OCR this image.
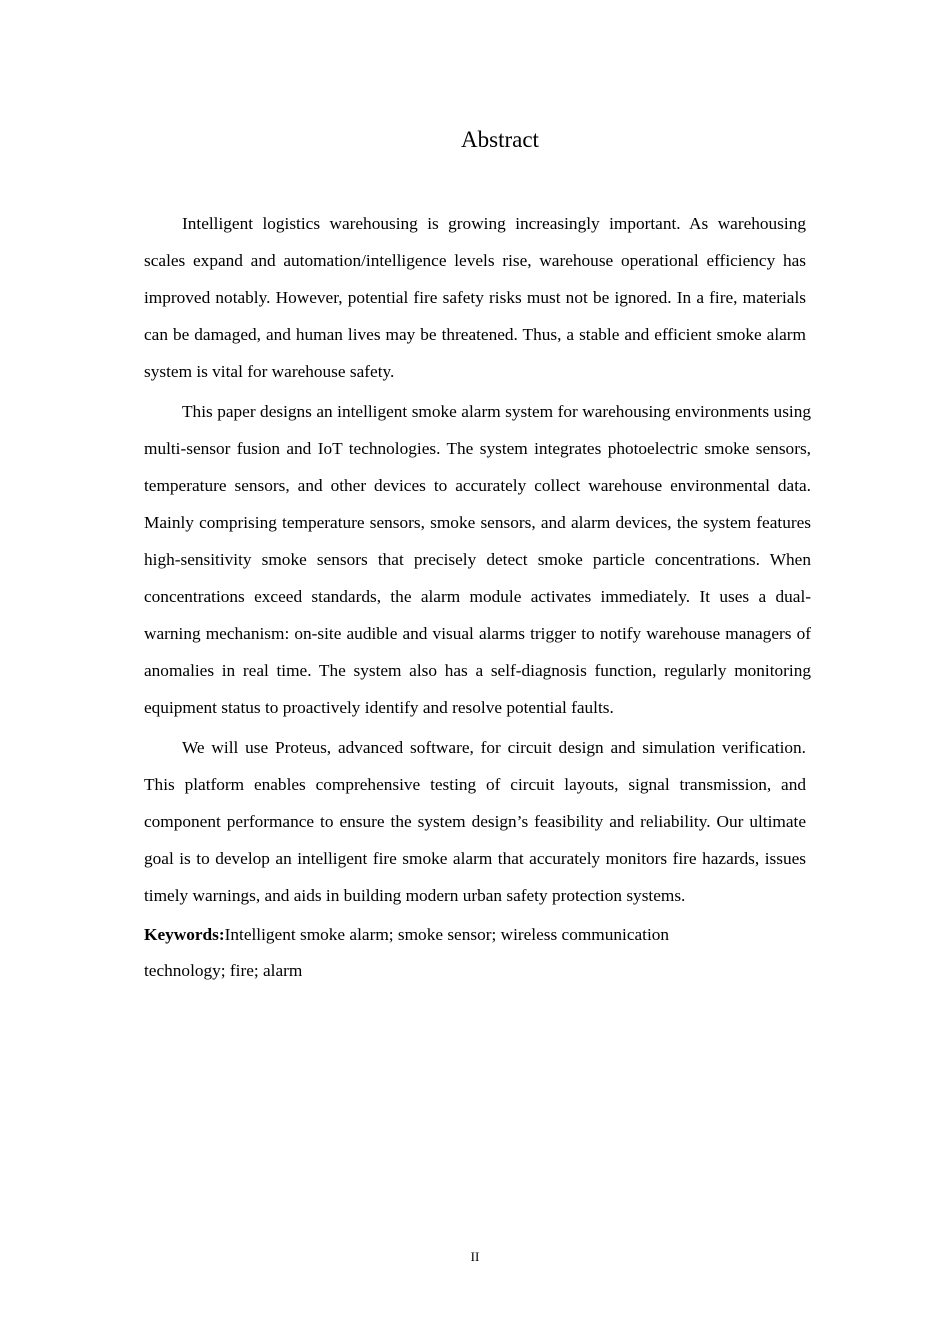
Abstract

Intelligent logistics warehousing is growing increasingly important. As warehousing scales expand and automation/intelligence levels rise, warehouse operational efficiency has improved notably. However, potential fire safety risks must not be ignored. In a fire, materials can be damaged, and human lives may be threatened. Thus, a stable and efficient smoke alarm system is vital for warehouse safety.

This paper designs an intelligent smoke alarm system for warehousing environments using multi-sensor fusion and IoT technologies. The system integrates photoelectric smoke sensors, temperature sensors, and other devices to accurately collect warehouse environmental data. Mainly comprising temperature sensors, smoke sensors, and alarm devices, the system features high-sensitivity smoke sensors that precisely detect smoke particle concentrations. When concentrations exceed standards, the alarm module activates immediately. It uses a dual-warning mechanism: on-site audible and visual alarms trigger to notify warehouse managers of anomalies in real time. The system also has a self-diagnosis function, regularly monitoring equipment status to proactively identify and resolve potential faults.

We will use Proteus, advanced software, for circuit design and simulation verification. This platform enables comprehensive testing of circuit layouts, signal transmission, and component performance to ensure the system design’s feasibility and reliability. Our ultimate goal is to develop an intelligent fire smoke alarm that accurately monitors fire hazards, issues timely warnings, and aids in building modern urban safety protection systems.

Keywords:Intelligent smoke alarm; smoke sensor; wireless communication technology; fire; alarm

II
